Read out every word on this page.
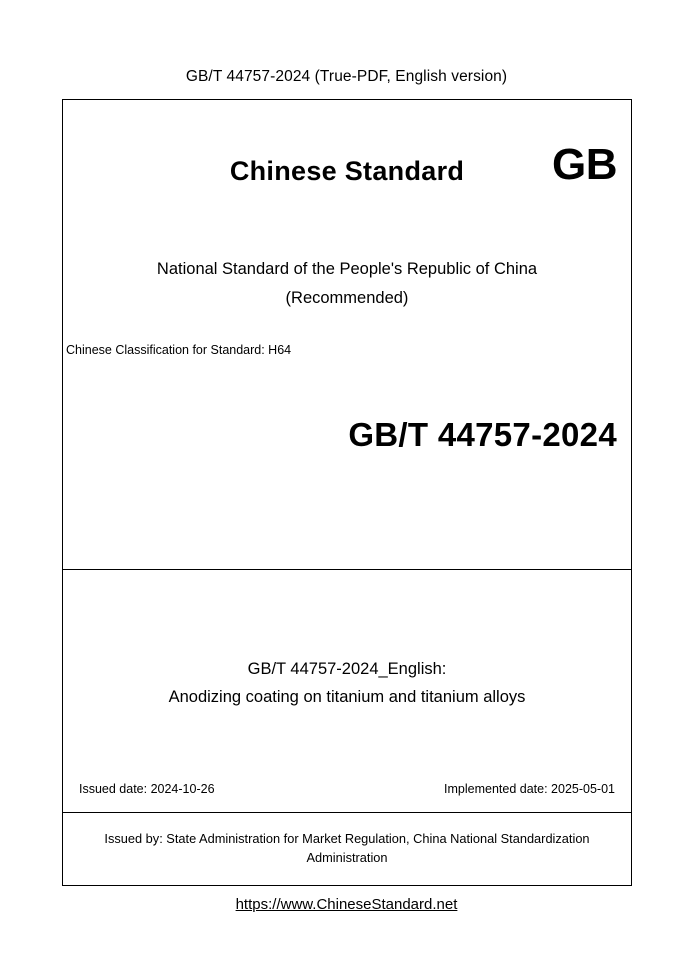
GB/T 44757-2024 (True-PDF, English version)
Chinese Standard	GB
National Standard of the People's Republic of China
(Recommended)
Chinese Classification for Standard: H64
GB/T 44757-2024
GB/T 44757-2024_English:
Anodizing coating on titanium and titanium alloys
Issued date: 2024-10-26	Implemented date: 2025-05-01
Issued by: State Administration for Market Regulation, China National Standardization Administration
https://www.ChineseStandard.net
